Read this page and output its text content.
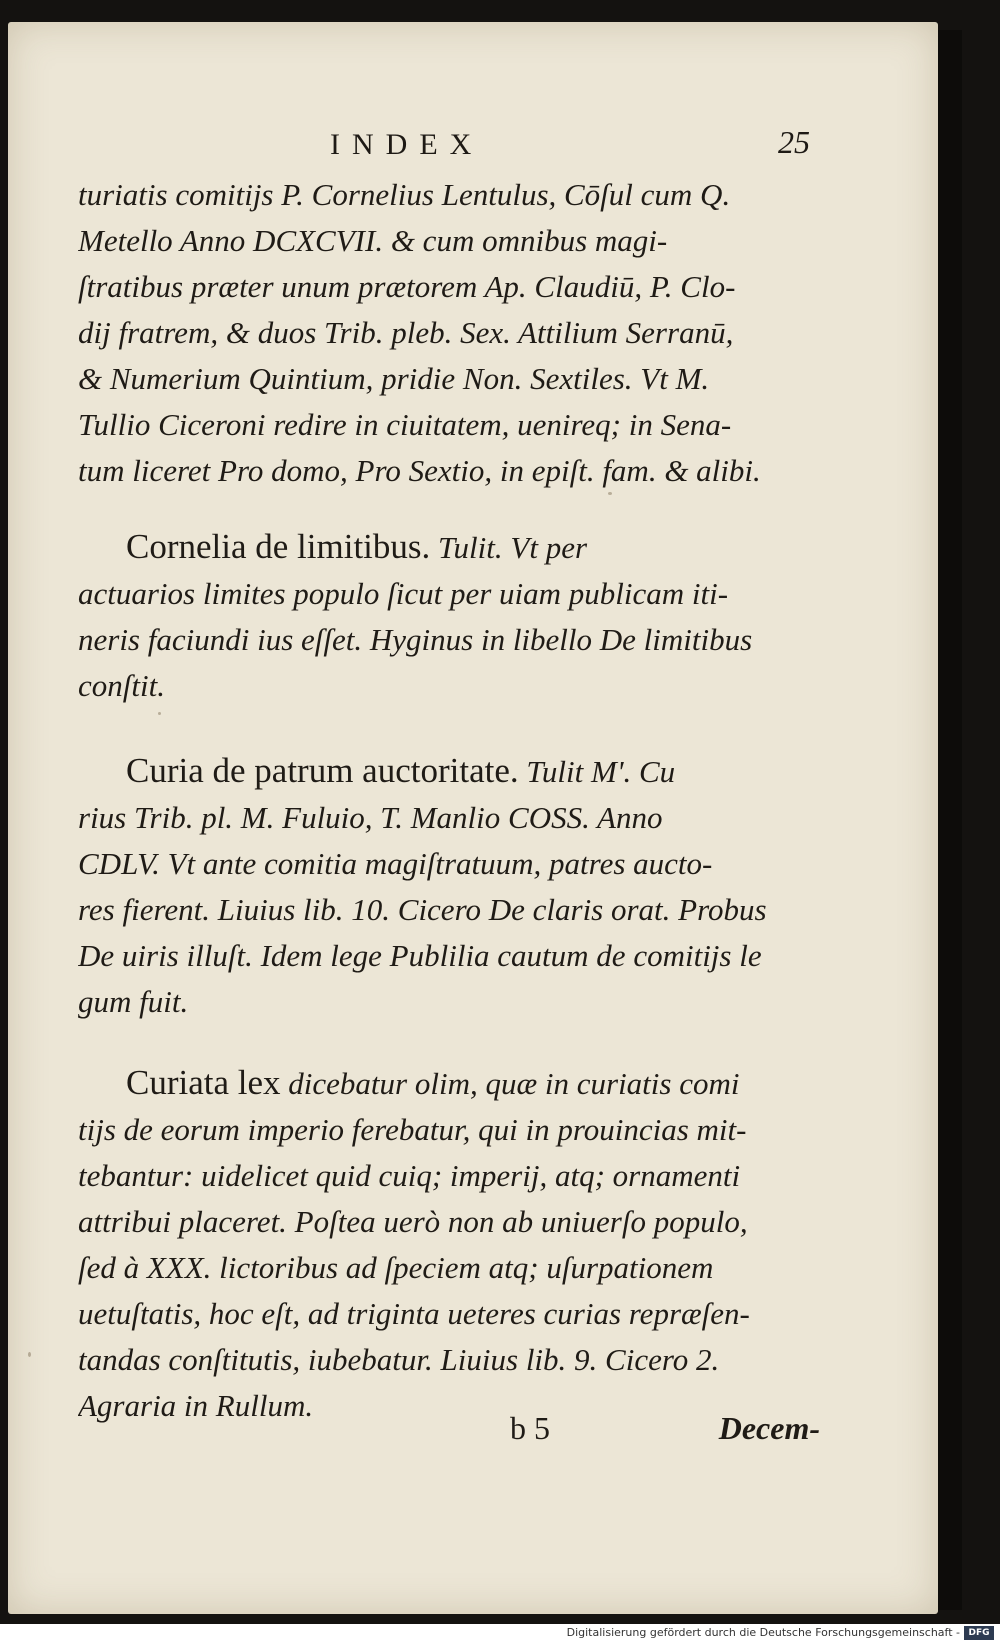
INDEX	25
turiatis comitijs P. Cornelius Lentulus, Cōſul cum Q.
Metello Anno DCXCVII. & cum omnibus magi-
ſtratibus præter unum prætorem Ap. Claudiū, P. Clo-
dij fratrem, & duos Trib. pleb. Sex. Attilium Serranū,
& Numerium Quintium, pridie Non. Sextiles. Vt M.
Tullio Ciceroni redire in ciuitatem, uenireq; in Sena-
tum liceret Pro domo, Pro Sextio, in epiſt. fam. & alibi.
Cornelia de limitibus. Tulit. Vt per
actuarios limites populo ſicut per uiam publicam iti-
neris faciundi ius eſſet. Hyginus in libello De limitibus
conſtit.
Curia de patrum auctoritate. Tulit M'. Cu
rius Trib. pl. M. Fuluio, T. Manlio COSS. Anno
CDLV. Vt ante comitia magiſtratuum, patres aucto-
res fierent. Liuius lib. 10. Cicero De claris orat. Probus
De uiris illuſt. Idem lege Publilia cautum de comitijs le
gum fuit.
Curiata lex dicebatur olim, quæ in curiatis comi
tijs de eorum imperio ferebatur, qui in prouincias mit-
tebantur: uidelicet quid cuiq; imperij, atq; ornamenti
attribui placeret. Poſtea uerò non ab uniuerſo populo,
ſed à XXX. lictoribus ad ſpeciem atq; uſurpationem
uetuſtatis, hoc eſt, ad triginta ueteres curias repræſen-
tandas conſtitutis, iubebatur. Liuius lib. 9. Cicero 2.
Agraria in Rullum.
b 5	Decem-
Digitalisierung gefördert durch die Deutsche Forschungsgemeinschaft - DFG
